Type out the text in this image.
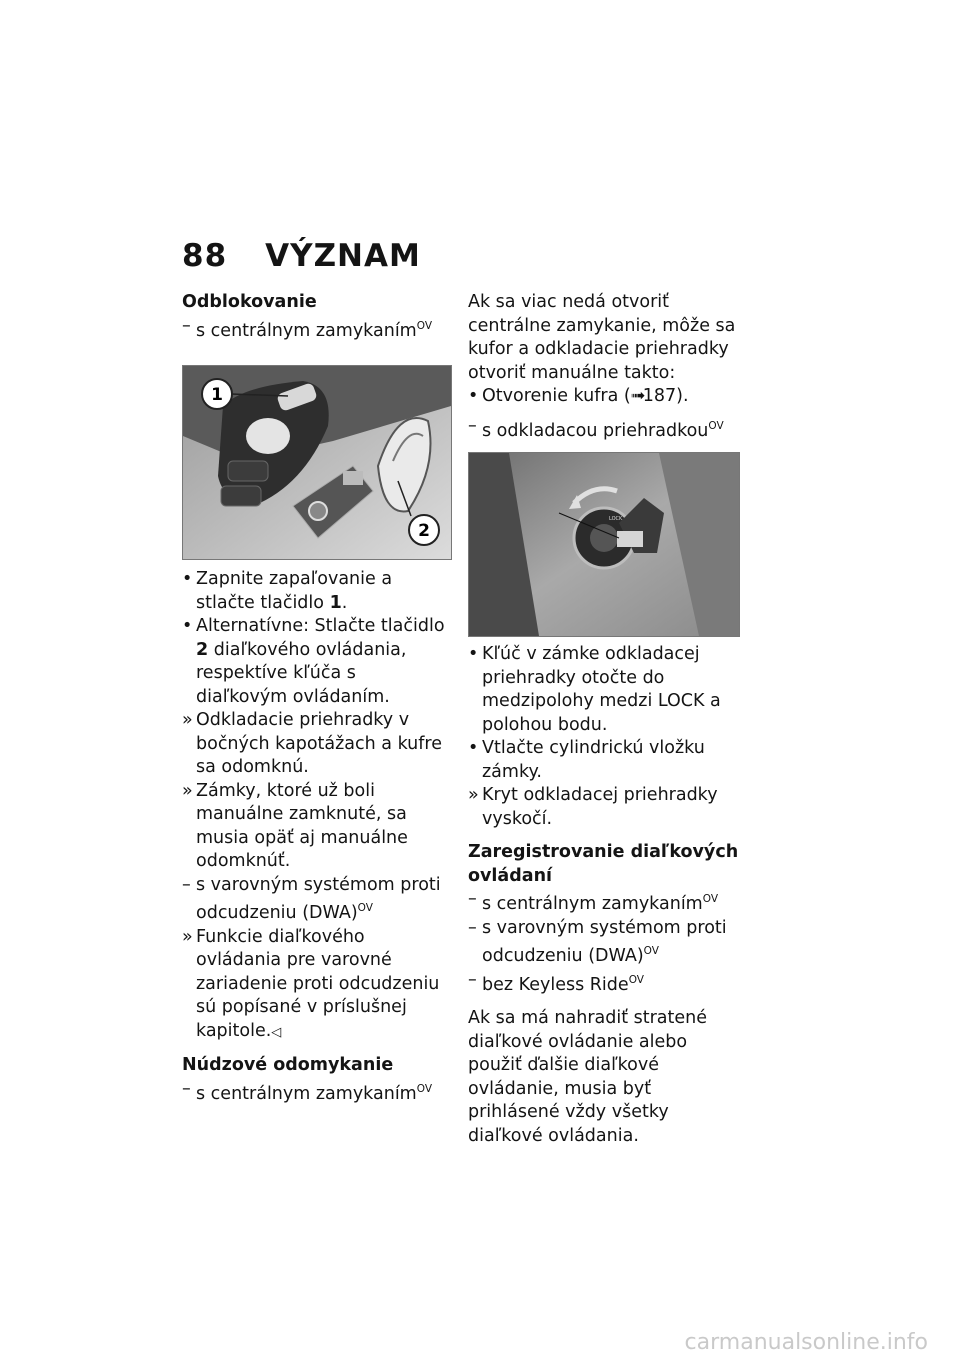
88 VÝZNAM
Odblokovanie
– s centrálnym zamykaním$^{OV}$
1
2
• Zapnite zapaľovanie a stlačte tlačidlo 1.
• Alternatívne: Stlačte tlačidlo 2 diaľkového ovládania, respektíve kľúča s diaľkovým ovládaním.
» Odkladacie priehradky v bočných kapotážach a kufre sa odomknú.
» Zámky, ktoré už boli manuálne zamknuté, sa musia opäť aj manuálne odomknúť.
– s varovným systémom proti odcudzeniu (DWA)$^{OV}$
» Funkcie diaľkového ovládania pre varovné zariadenie proti odcudzeniu sú popísané v príslušnej kapitole.◁
Núdzové odomykanie
– s centrálnym zamykaním$^{OV}$
Ak sa viac nedá otvoriť centrálne zamykanie, môže sa kufor a odkladacie priehradky otvoriť manuálne takto:
• Otvorenie kufra (➟187).
– s odkladacou priehradkou$^{OV}$
LOCK
• Kľúč v zámke odkladacej priehradky otočte do medzipolohy medzi LOCK a polohou bodu.
• Vtlačte cylindrickú vložku zámky.
» Kryt odkladacej priehradky vyskočí.
Zaregistrovanie diaľkových ovládaní
– s centrálnym zamykaním$^{OV}$
– s varovným systémom proti odcudzeniu (DWA)$^{OV}$
– bez Keyless Ride$^{OV}$
Ak sa má nahradiť stratené diaľkové ovládanie alebo použiť ďalšie diaľkové ovládanie, musia byť prihlásené vždy všetky diaľkové ovládania.
carmanualsonline.info
